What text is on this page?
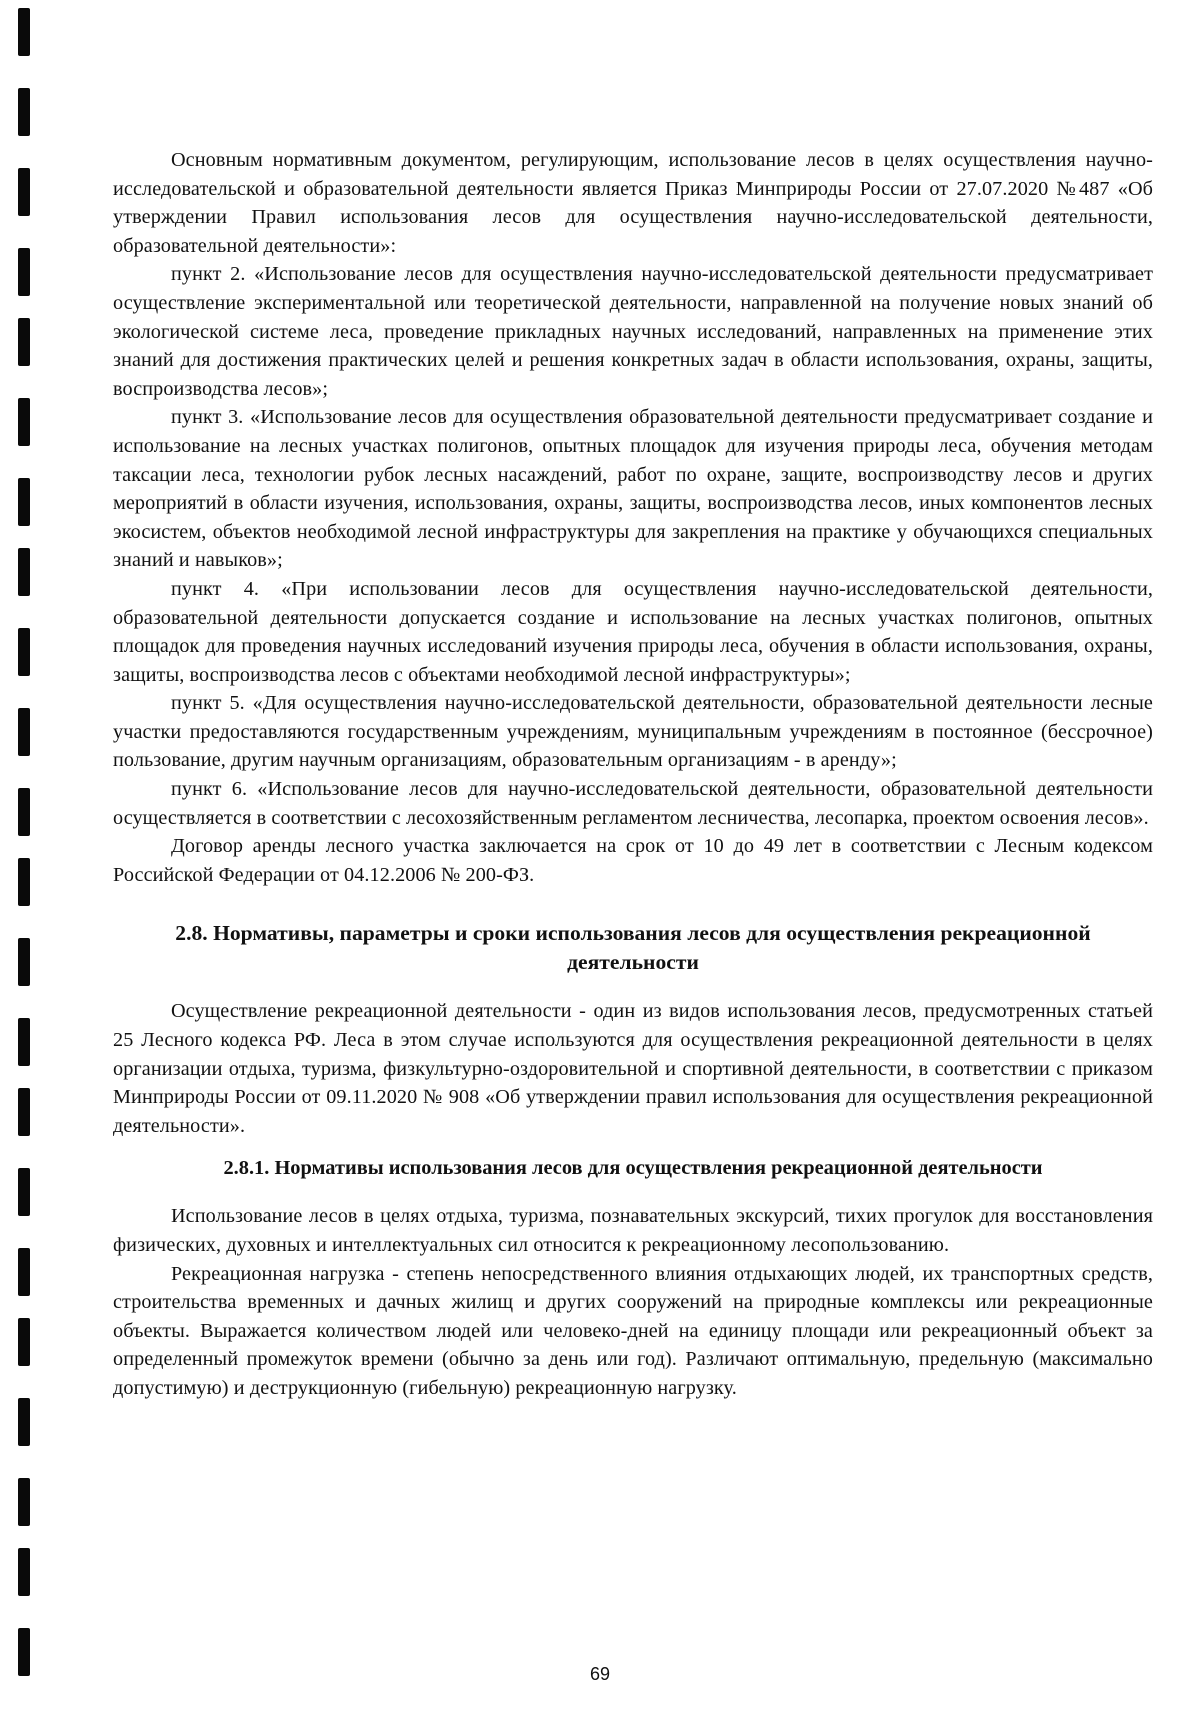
Основным нормативным документом, регулирующим, использование лесов в целях осуществления научно-исследовательской и образовательной деятельности является Приказ Минприроды России от 27.07.2020 №487 «Об утверждении Правил использования лесов для осуществления научно-исследовательской деятельности, образовательной деятельности»:

пункт 2. «Использование лесов для осуществления научно-исследовательской деятельности предусматривает осуществление экспериментальной или теоретической деятельности, направленной на получение новых знаний об экологической системе леса, проведение прикладных научных исследований, направленных на применение этих знаний для достижения практических целей и решения конкретных задач в области использования, охраны, защиты, воспроизводства лесов»;

пункт 3. «Использование лесов для осуществления образовательной деятельности предусматривает создание и использование на лесных участках полигонов, опытных площадок для изучения природы леса, обучения методам таксации леса, технологии рубок лесных насаждений, работ по охране, защите, воспроизводству лесов и других мероприятий в области изучения, использования, охраны, защиты, воспроизводства лесов, иных компонентов лесных экосистем, объектов необходимой лесной инфраструктуры для закрепления на практике у обучающихся специальных знаний и навыков»;

пункт 4. «При использовании лесов для осуществления научно-исследовательской деятельности, образовательной деятельности допускается создание и использование на лесных участках полигонов, опытных площадок для проведения научных исследований изучения природы леса, обучения в области использования, охраны, защиты, воспроизводства лесов с объектами необходимой лесной инфраструктуры»;

пункт 5. «Для осуществления научно-исследовательской деятельности, образовательной деятельности лесные участки предоставляются государственным учреждениям, муниципальным учреждениям в постоянное (бессрочное) пользование, другим научным организациям, образовательным организациям - в аренду»;

пункт 6. «Использование лесов для научно-исследовательской деятельности, образовательной деятельности осуществляется в соответствии с лесохозяйственным регламентом лесничества, лесопарка, проектом освоения лесов».

Договор аренды лесного участка заключается на срок от 10 до 49 лет в соответствии с Лесным кодексом Российской Федерации от 04.12.2006 № 200-ФЗ.

2.8. Нормативы, параметры и сроки использования лесов для осуществления рекреационной деятельности

Осуществление рекреационной деятельности - один из видов использования лесов, предусмотренных статьей 25 Лесного кодекса РФ. Леса в этом случае используются для осуществления рекреационной деятельности в целях организации отдыха, туризма, физкультурно-оздоровительной и спортивной деятельности, в соответствии с приказом Минприроды России от 09.11.2020 № 908 «Об утверждении правил использования для осуществления рекреационной деятельности».

2.8.1. Нормативы использования лесов для осуществления рекреационной деятельности

Использование лесов в целях отдыха, туризма, познавательных экскурсий, тихих прогулок для восстановления физических, духовных и интеллектуальных сил относится к рекреационному лесопользованию.

Рекреационная нагрузка - степень непосредственного влияния отдыхающих людей, их транспортных средств, строительства временных и дачных жилищ и других сооружений на природные комплексы или рекреационные объекты. Выражается количеством людей или человеко-дней на единицу площади или рекреационный объект за определенный промежуток времени (обычно за день или год). Различают оптимальную, предельную (максимально допустимую) и деструкционную (гибельную) рекреационную нагрузку.

69
